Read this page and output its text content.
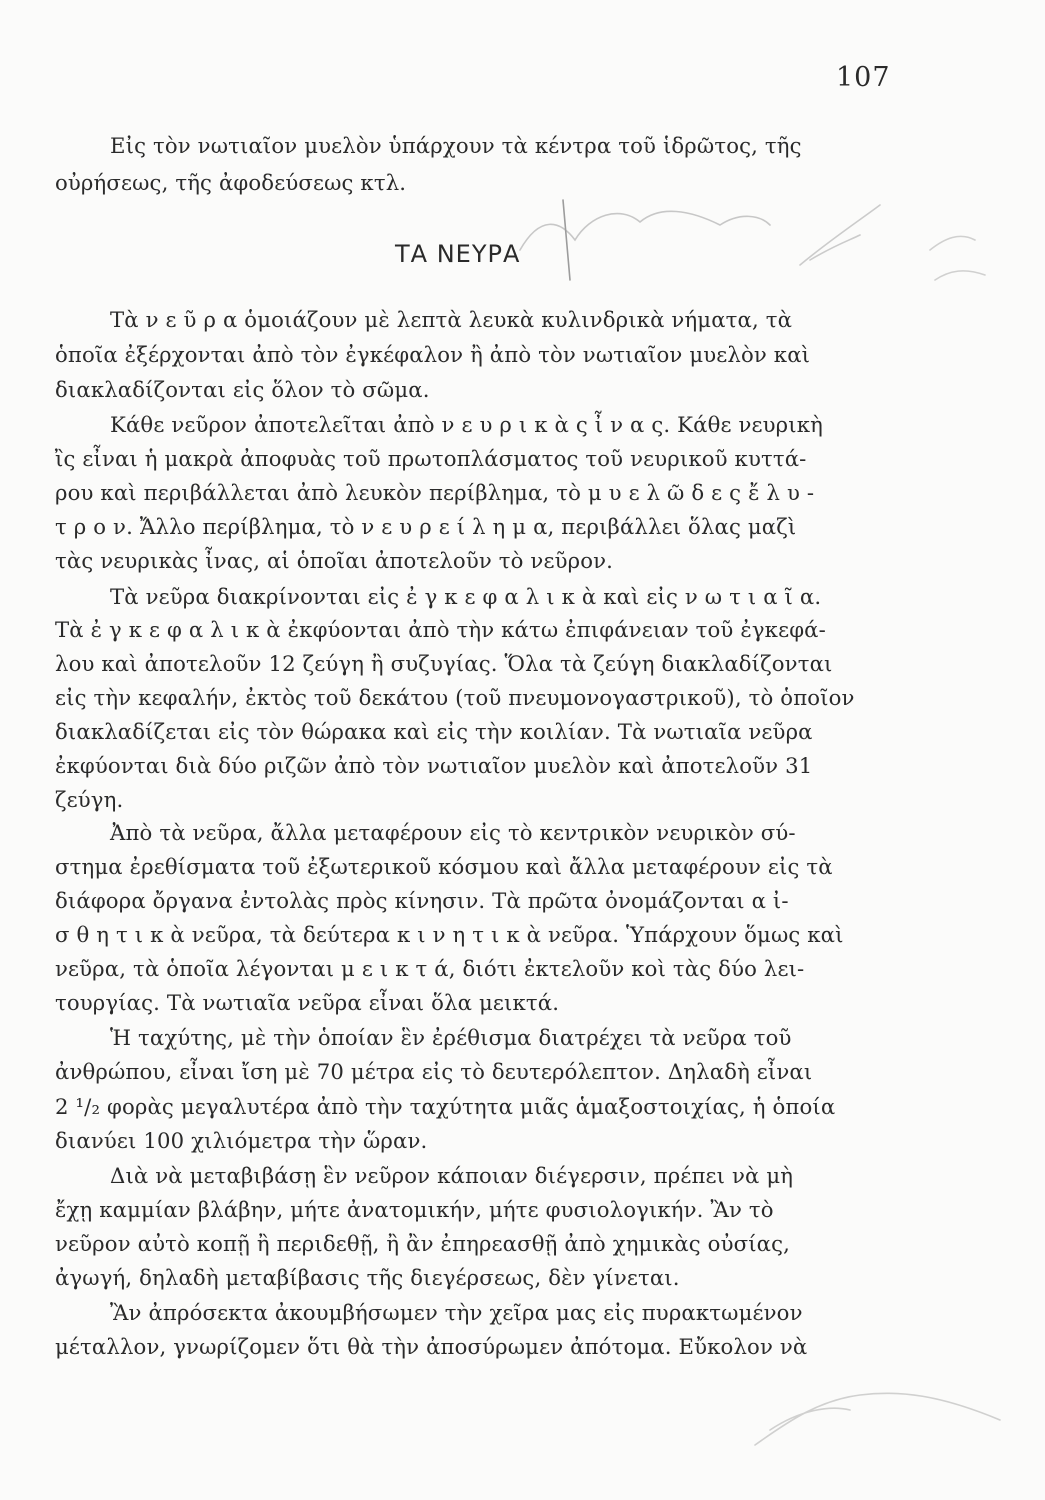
107
ΤΑ ΝΕΥΡΑ
Εἰς τὸν νωτιαῖον μυελὸν ὑπάρχουν τὰ κέντρα τοῦ ἱδρῶτος, τῆς
οὐρήσεως, τῆς ἀφοδεύσεως κτλ.
Τὰ ν ε ῦ ρ α ὁμοιάζουν μὲ λεπτὰ λευκὰ κυλινδρικὰ νήματα, τὰ
ὁποῖα ἐξέρχονται ἀπὸ τὸν ἐγκέφαλον ἢ ἀπὸ τὸν νωτιαῖον μυελὸν καὶ
διακλαδίζονται εἰς ὅλον τὸ σῶμα.
Κάθε νεῦρον ἀποτελεῖται ἀπὸ ν ε υ ρ ι κ ὰ ς ἶ ν α ς. Κάθε νευρικὴ
ἲς εἶναι ἡ μακρὰ ἀποφυὰς τοῦ πρωτοπλάσματος τοῦ νευρικοῦ κυττά-
ρου καὶ περιβάλλεται ἀπὸ λευκὸν περίβλημα, τὸ μ υ ε λ ῶ δ ε ς ἔ λ υ -
τ ρ ο ν. Ἄλλο περίβλημα, τὸ ν ε υ ρ ε ί λ η μ α, περιβάλλει ὅλας μαζὶ
τὰς νευρικὰς ἶνας, αἱ ὁποῖαι ἀποτελοῦν τὸ νεῦρον.
Τὰ νεῦρα διακρίνονται εἰς ἐ γ κ ε φ α λ ι κ ὰ καὶ εἰς ν ω τ ι α ῖ α.
Τὰ ἐ γ κ ε φ α λ ι κ ὰ ἐκφύονται ἀπὸ τὴν κάτω ἐπιφάνειαν τοῦ ἐγκεφά-
λου καὶ ἀποτελοῦν 12 ζεύγη ἢ συζυγίας. Ὅλα τὰ ζεύγη διακλαδίζονται
εἰς τὴν κεφαλήν, ἐκτὸς τοῦ δεκάτου (τοῦ πνευμονογαστρικοῦ), τὸ ὁποῖον
διακλαδίζεται εἰς τὸν θώρακα καὶ εἰς τὴν κοιλίαν. Τὰ νωτιαῖα νεῦρα
ἐκφύονται διὰ δύο ριζῶν ἀπὸ τὸν νωτιαῖον μυελὸν καὶ ἀποτελοῦν 31
ζεύγη.
Ἀπὸ τὰ νεῦρα, ἄλλα μεταφέρουν εἰς τὸ κεντρικὸν νευρικὸν σύ-
στημα ἐρεθίσματα τοῦ ἐξωτερικοῦ κόσμου καὶ ἄλλα μεταφέρουν εἰς τὰ
διάφορα ὄργανα ἐντολὰς πρὸς κίνησιν. Τὰ πρῶτα ὀνομάζονται α ἰ-
σ θ η τ ι κ ὰ νεῦρα, τὰ δεύτερα κ ι ν η τ ι κ ὰ νεῦρα. Ὑπάρχουν ὅμως καὶ
νεῦρα, τὰ ὁποῖα λέγονται μ ε ι κ τ ά, διότι ἐκτελοῦν κοὶ τὰς δύο λει-
τουργίας. Τὰ νωτιαῖα νεῦρα εἶναι ὅλα μεικτά.
Ἡ ταχύτης, μὲ τὴν ὁποίαν ἓν ἐρέθισμα διατρέχει τὰ νεῦρα τοῦ
ἀνθρώπου, εἶναι ἴση μὲ 70 μέτρα εἰς τὸ δευτερόλεπτον. Δηλαδὴ εἶναι
2 ¹/₂ φορὰς μεγαλυτέρα ἀπὸ τὴν ταχύτητα μιᾶς ἁμαξοστοιχίας, ἡ ὁποία
διανύει 100 χιλιόμετρα τὴν ὥραν.
Διὰ νὰ μεταβιβάσῃ ἓν νεῦρον κάποιαν διέγερσιν, πρέπει νὰ μὴ
ἔχῃ καμμίαν βλάβην, μήτε ἀνατομικήν, μήτε φυσιολογικήν. Ἂν τὸ
νεῦρον αὐτὸ κοπῇ ἢ περιδεθῇ, ἢ ἂν ἐπηρεασθῇ ἀπὸ χημικὰς οὐσίας,
ἀγωγή, δηλαδὴ μεταβίβασις τῆς διεγέρσεως, δὲν γίνεται.
Ἂν ἀπρόσεκτα ἀκουμβήσωμεν τὴν χεῖρα μας εἰς πυρακτωμένον
μέταλλον, γνωρίζομεν ὅτι θὰ τὴν ἀποσύρωμεν ἀπότομα. Εὔκολον νὰ
